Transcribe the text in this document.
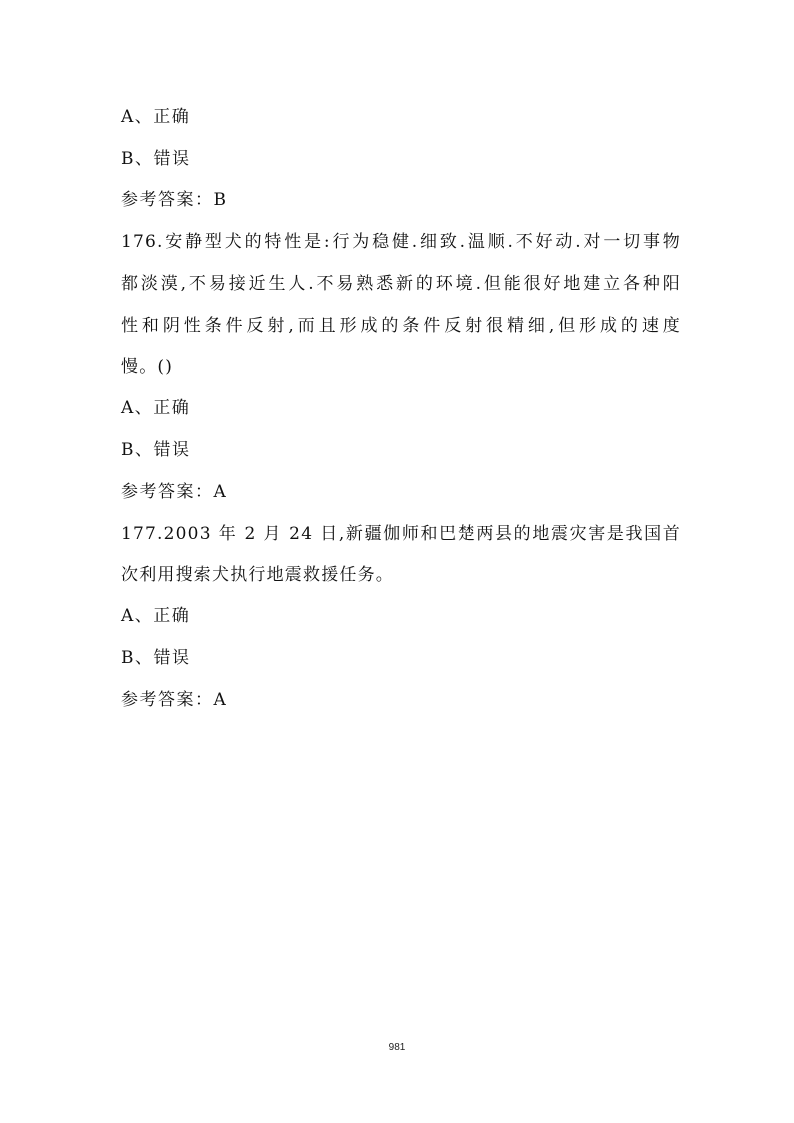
A、正确
B、错误
参考答案：B
176.安静型犬的特性是:行为稳健.细致.温顺.不好动.对一切事物
都淡漠,不易接近生人.不易熟悉新的环境.但能很好地建立各种阳
性和阴性条件反射,而且形成的条件反射很精细,但形成的速度
慢。()
A、正确
B、错误
参考答案：A
177.2003 年 2 月 24 日,新疆伽师和巴楚两县的地震灾害是我国首
次利用搜索犬执行地震救援任务。
A、正确
B、错误
参考答案：A
981
